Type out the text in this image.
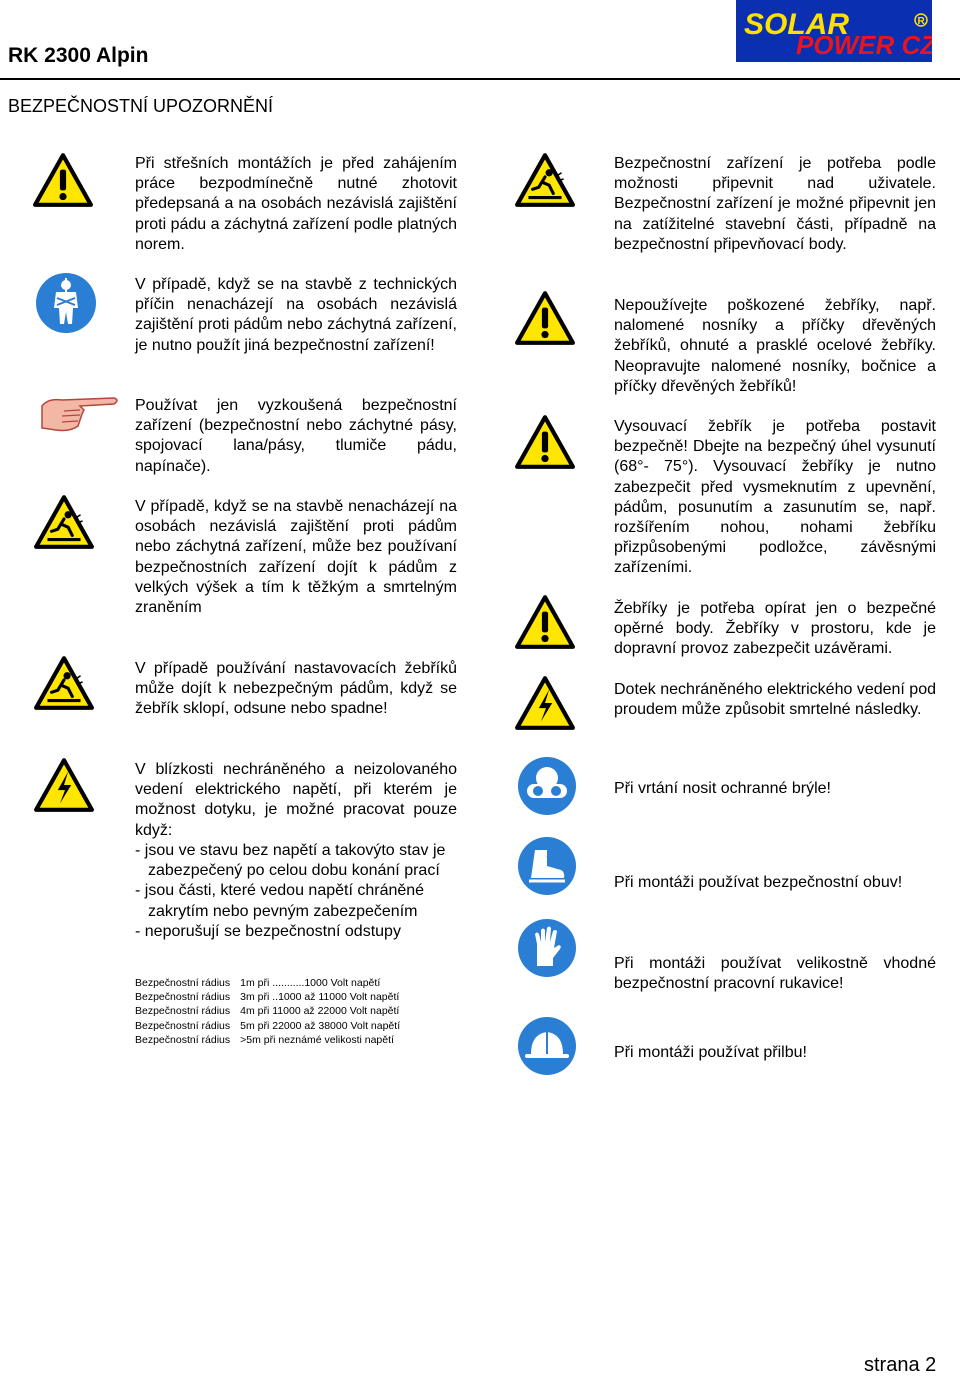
RK 2300 Alpin
SOLAR
POWER CZ
R
BEZPEČNOSTNÍ UPOZORNĚNÍ
Při střešních montážích je před zahájením práce bezpodmínečně nutné zhotovit předepsaná a na osobách nezávislá zajištění proti pádu a záchytná zařízení podle platných norem.
V případě, když se na stavbě z technických příčin nenacházejí na osobách nezávislá zajištění proti pádům nebo záchytná zařízení, je nutno použít jiná bezpečnostní zařízení!
Používat jen vyzkoušená bezpečnostní zařízení (bezpečnostní nebo záchytné pásy, spojovací lana/pásy, tlumiče pádu, napínače).
V případě, když se na stavbě nenacházejí na osobách nezávislá zajištění proti pádům nebo záchytná zařízení, může bez používaní bezpečnostních zařízení dojít k pádům z velkých výšek a tím k těžkým a smrtelným zraněním
V případě používání nastavovacích žebříků může dojít k nebezpečným pádům, když se žebřík sklopí, odsune nebo spadne!
V blízkosti nechráněného a neizolovaného vedení elektrického napětí, při kterém je možnost dotyku, je možné pracovat pouze když:
- jsou ve stavu bez napětí a takovýto stav je zabezpečený po celou dobu konání prací
- jsou části, které vedou napětí chráněné zakrytím nebo pevným zabezpečením
- neporušují se bezpečnostní odstupy
Bezpečnostní rádius	1m při ...........1000 Volt napětí
Bezpečnostní rádius	3m při ..1000 až 11000 Volt napětí
Bezpečnostní rádius	4m při 11000 až 22000 Volt napětí
Bezpečnostní rádius	5m při 22000 až 38000 Volt napětí
Bezpečnostní rádius	>5m při neznámé velikosti napětí
Bezpečnostní zařízení je potřeba podle možnosti připevnit nad uživatele. Bezpečnostní zařízení je možné připevnit jen na zatížitelné stavební části, případně na bezpečnostní připevňovací body.
Nepoužívejte poškozené žebříky, např. nalomené nosníky a příčky dřevěných žebříků, ohnuté a prasklé ocelové žebříky. Neopravujte nalomené nosníky, bočnice a příčky dřevěných žebříků!
Vysouvací žebřík je potřeba postavit bezpečně! Dbejte na bezpečný úhel vysunutí (68°- 75°). Vysouvací žebříky je nutno zabezpečit před vysmeknutím z upevnění, pádům, posunutím a zasunutím se, např. rozšířením nohou, nohami žebříku přizpůsobenými podložce, závěsnými zařízeními.
Žebříky je potřeba opírat jen o bezpečné opěrné body. Žebříky v prostoru, kde je dopravní provoz zabezpečit uzávěrami.
Dotek nechráněného elektrického vedení pod proudem může způsobit smrtelné následky.
Při vrtání nosit ochranné brýle!
Při montáži používat bezpečnostní obuv!
Při montáži používat velikostně vhodné bezpečnostní pracovní rukavice!
Při montáži používat přilbu!
strana 2
